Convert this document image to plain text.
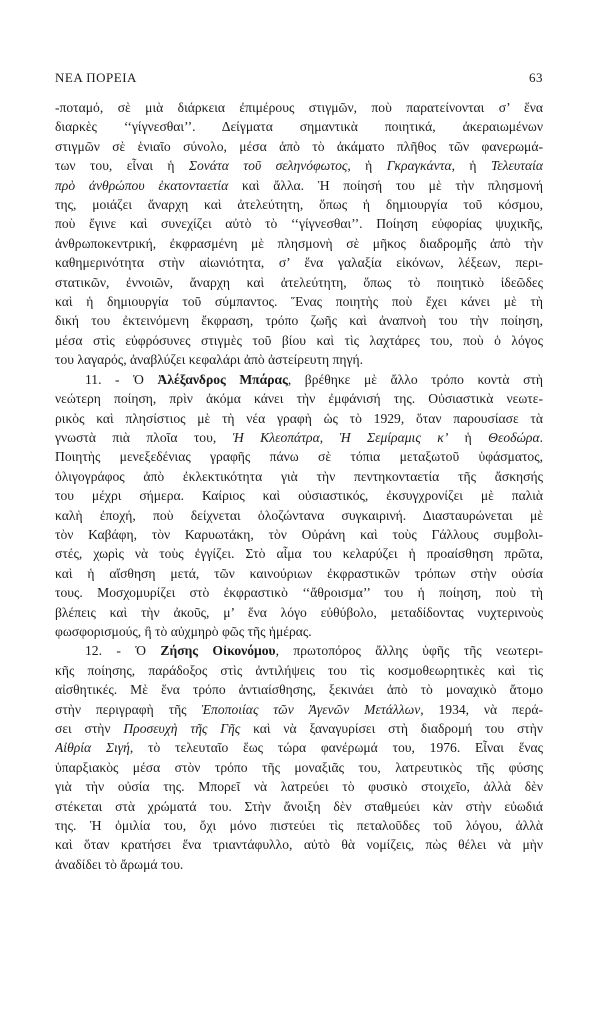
ΝΕΑ ΠΟΡΕΙΑ	63
-ποταμό, σὲ μιὰ διάρκεια ἐπιμέρους στιγμῶν, ποὺ παρατείνονται σ’ ἕνα
διαρκὲς ‘‘γίγνεσθαι’’. Δείγματα σημαντικὰ ποιητικά, ἀκεραιωμένων
στιγμῶν σὲ ἑνιαῖο σύνολο, μέσα ἀπὸ τὸ ἀκάματο πλῆθος τῶν φανερωμά-
των του, εἶναι ἡ Σονάτα τοῦ σεληνόφωτος, ἡ Γκραγκάντα, ἡ Τελευταία
πρὸ ἀνθρώπου ἑκατονταετία καὶ ἄλλα. Ἡ ποίησή του μὲ τὴν πλησμονή
της, μοιάζει ἄναρχη καὶ ἀτελεύτητη, ὅπως ἡ δημιουργία τοῦ κόσμου,
ποὺ ἔγινε καὶ συνεχίζει αὐτὸ τὸ ‘‘γίγνεσθαι’’. Ποίηση εὐφορίας ψυχικῆς,
ἀνθρωποκεντρική, ἐκφρασμένη μὲ πλησμονὴ σὲ μῆκος διαδρομῆς ἀπὸ τὴν
καθημερινότητα στὴν αἰωνιότητα, σ’ ἕνα γαλαξία εἰκόνων, λέξεων, περι-
στατικῶν, ἐννοιῶν, ἄναρχη καὶ ἀτελεύτητη, ὅπως τὸ ποιητικὸ ἰδεῶδες
καὶ ἡ δημιουργία τοῦ σύμπαντος. Ἕνας ποιητὴς ποὺ ἔχει κάνει μὲ τὴ
δική του ἐκτεινόμενη ἔκφραση, τρόπο ζωῆς καὶ ἀναπνοὴ του τὴν ποίηση,
μέσα στὶς εὐφρόσυνες στιγμὲς τοῦ βίου καὶ τὶς λαχτάρες του, ποὺ ὁ λόγος
του λαγαρός, ἀναβλύζει κεφαλάρι ἀπὸ ἀστείρευτη πηγή.
11. - Ὁ Ἀλέξανδρος Μπάρας, βρέθηκε μὲ ἄλλο τρόπο κοντὰ στὴ
νεώτερη ποίηση, πρὶν ἀκόμα κάνει τὴν ἐμφάνισή της. Οὐσιαστικὰ νεωτε-
ρικὸς καὶ πλησίστιος μὲ τὴ νέα γραφὴ ὡς τὸ 1929, ὅταν παρουσίασε τὰ
γνωστὰ πιὰ πλοῖα του, Ἡ Κλεοπάτρα, Ἡ Σεμίραμις κ’ ἡ Θεοδώρα.
Ποιητὴς μενεξεδένιας γραφῆς πάνω σὲ τόπια μεταξωτοῦ ὑφάσματος,
ὀλιγογράφος ἀπὸ ἐκλεκτικότητα γιὰ τὴν πεντηκονταετία τῆς ἄσκησής
του μέχρι σήμερα. Καίριος καὶ οὐσιαστικός, ἐκσυγχρονίζει μὲ παλιὰ
καλὴ ἐποχή, ποὺ δείχνεται ὁλοζώντανα συγκαιρινή. Διασταυρώνεται μὲ
τὸν Καβάφη, τὸν Καρυωτάκη, τὸν Οὐράνη καὶ τοὺς Γάλλους συμβολι-
στές, χωρὶς νὰ τοὺς ἐγγίζει. Στὸ αἷμα του κελαρύζει ἡ προαίσθηση πρῶτα,
καὶ ἡ αἴσθηση μετά, τῶν καινούριων ἐκφραστικῶν τρόπων στὴν οὐσία
τους. Μοσχομυρίζει στὸ ἐκφραστικὸ ‘‘ἄθροισμα’’ του ἡ ποίηση, ποὺ τὴ
βλέπεις καὶ τὴν ἀκοῦς, μ’ ἕνα λόγο εὐθύβολο, μεταδίδοντας νυχτερινοὺς
φωσφορισμούς, ἢ τὸ αὐχμηρὸ φῶς τῆς ἡμέρας.
12. - Ὁ Ζήσης Οἰκονόμου, πρωτοπόρος ἄλλης ὑφῆς τῆς νεωτερι-
κῆς ποίησης, παράδοξος στὶς ἀντιλήψεις του τὶς κοσμοθεωρητικὲς καὶ τὶς
αἰσθητικές. Μὲ ἕνα τρόπο ἀντιαίσθησης, ξεκινάει ἀπὸ τὸ μοναχικὸ ἄτομο
στὴν περιγραφὴ τῆς Ἐποποιίας τῶν Ἀγενῶν Μετάλλων, 1934, νὰ περά-
σει στὴν Προσευχὴ τῆς Γῆς καὶ νὰ ξαναγυρίσει στὴ διαδρομή του στὴν
Αἰθρία Σιγή, τὸ τελευταῖο ἕως τώρα φανέρωμά του, 1976. Εἶναι ἕνας
ὑπαρξιακὸς μέσα στὸν τρόπο τῆς μοναξιᾶς του, λατρευτικὸς τῆς φύσης
γιὰ τὴν οὐσία της. Μπορεῖ νὰ λατρεύει τὸ φυσικὸ στοιχεῖο, ἀλλὰ δὲν
στέκεται στὰ χρώματά του. Στὴν ἄνοιξη δὲν σταθμεύει κὰν στὴν εὐωδιά
της. Ἡ ὁμιλία του, ὄχι μόνο πιστεύει τὶς πεταλοῦδες τοῦ λόγου, ἀλλὰ
καὶ ὅταν κρατήσει ἕνα τριαντάφυλλο, αὐτὸ θὰ νομίζεις, πὼς θέλει νὰ μὴν
ἀναδίδει τὸ ἄρωμά του.
